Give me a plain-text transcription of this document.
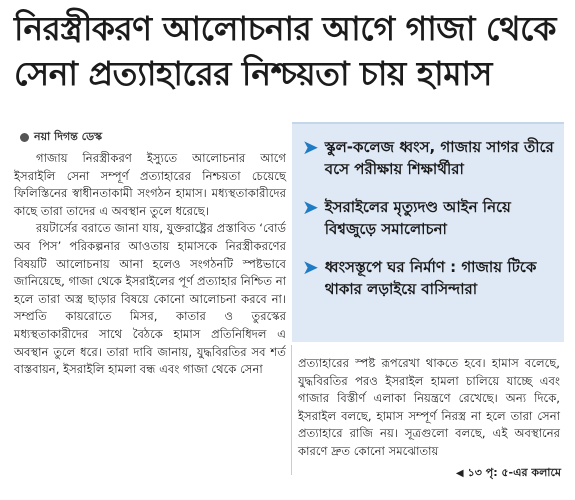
নিরস্ত্রীকরণ আলোচনার আগে গাজা থেকে
সেনা প্রত্যাহারের নিশ্চয়তা চায় হামাস
নয়া দিগন্ত ডেস্ক

গাজায় নিরস্ত্রীকরণ ইস্যুতে আলোচনার আগে ইসরাইলি সেনা সম্পূর্ণ প্রত্যাহারের নিশ্চয়তা চেয়েছে ফিলিস্তিনের স্বাধীনতাকামী সংগঠন হামাস। মধ্যস্থতাকারীদের কাছে তারা তাদের এ অবস্থান তুলে ধরেছে।

রয়টার্সের বরাতে জানা যায়, যুক্তরাষ্ট্রের প্রস্তাবিত ‘বোর্ড অব পিস’ পরিকল্পনার আওতায় হামাসকে নিরস্ত্রীকরণের বিষয়টি আলোচনায় আনা হলেও সংগঠনটি স্পষ্টভাবে জানিয়েছে, গাজা থেকে ইসরাইলের পূর্ণ প্রত্যাহার নিশ্চিত না হলে তারা অস্ত্র ছাড়ার বিষয়ে কোনো আলোচনা করবে না। সম্প্রতি কায়রোতে মিসর, কাতার ও তুরস্কের মধ্যস্থতাকারীদের সাথে বৈঠকে হামাস প্রতিনিধিদল এ অবস্থান তুলে ধরে। তারা দাবি জানায়, যুদ্ধবিরতির সব শর্ত বাস্তবায়ন, ইসরাইলি হামলা বন্ধ এবং গাজা থেকে সেনা

➤ স্কুল-কলেজ ধ্বংস, গাজায় সাগর তীরে বসে পরীক্ষায় শিক্ষার্থীরা
➤ ইসরাইলের মৃত্যুদণ্ড আইন নিয়ে বিশ্বজুড়ে সমালোচনা
➤ ধ্বংসস্তূপে ঘর নির্মাণ : গাজায় টিকে থাকার লড়াইয়ে বাসিন্দারা

প্রত্যাহারের স্পষ্ট রূপরেখা থাকতে হবে। হামাস বলেছে, যুদ্ধবিরতির পরও ইসরাইল হামলা চালিয়ে যাচ্ছে এবং গাজার বিস্তীর্ণ এলাকা নিয়ন্ত্রণে রেখেছে। অন্য দিকে, ইসরাইল বলছে, হামাস সম্পূর্ণ নিরস্ত্র না হলে তারা সেনা প্রত্যাহারে রাজি নয়। সূত্রগুলো বলছে, এই অবস্থানের কারণে দ্রুত কোনো সমঝোতায়

◀ ১৩ পৃ: ৫-এর কলামে
